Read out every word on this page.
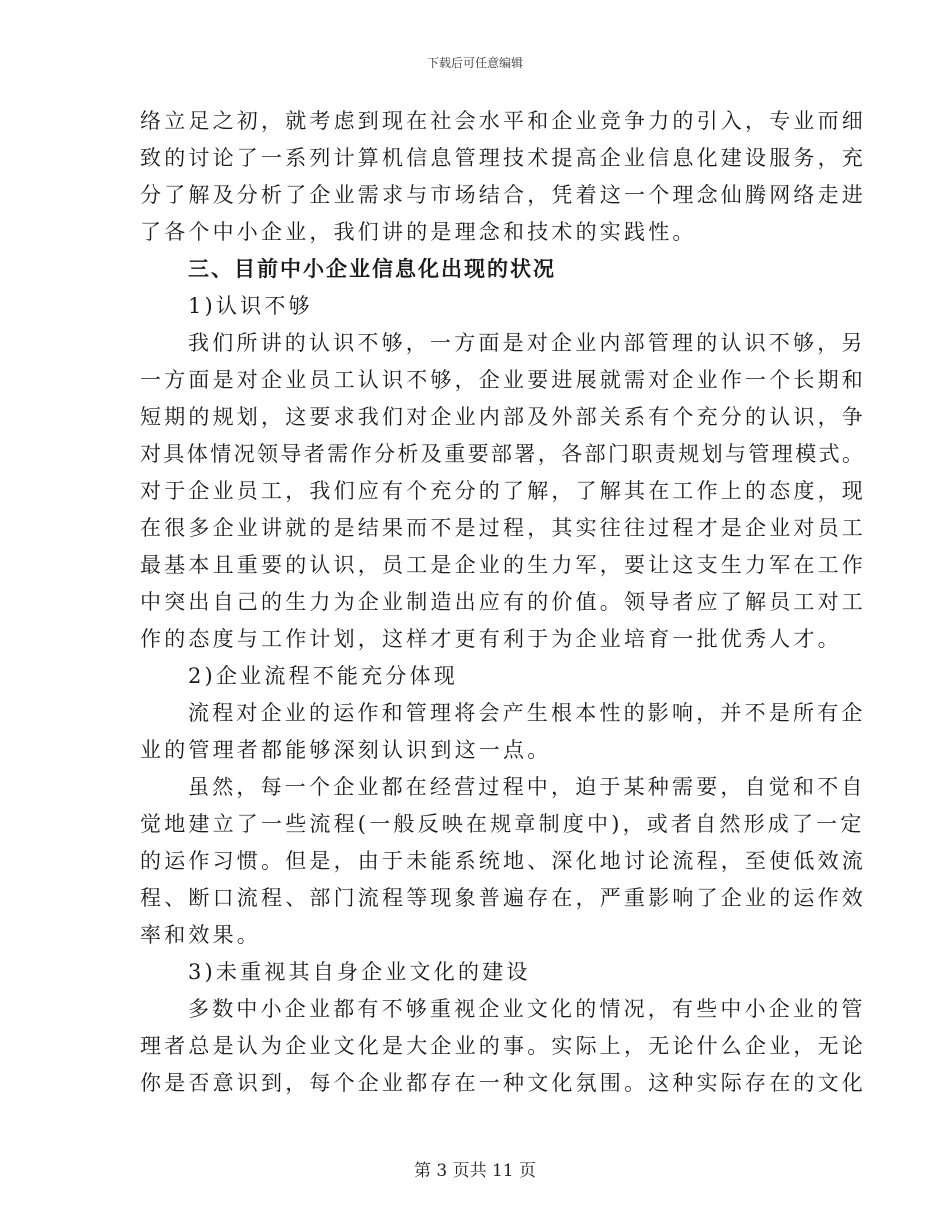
下载后可任意编辑
络立足之初，就考虑到现在社会水平和企业竞争力的引入，专业而细
致的讨论了一系列计算机信息管理技术提高企业信息化建设服务，充
分了解及分析了企业需求与市场结合，凭着这一个理念仙腾网络走进
了各个中小企业，我们讲的是理念和技术的实践性。
三、目前中小企业信息化出现的状况
1)认识不够
我们所讲的认识不够，一方面是对企业内部管理的认识不够，另
一方面是对企业员工认识不够，企业要进展就需对企业作一个长期和
短期的规划，这要求我们对企业内部及外部关系有个充分的认识，争
对具体情况领导者需作分析及重要部署，各部门职责规划与管理模式。
对于企业员工，我们应有个充分的了解，了解其在工作上的态度，现
在很多企业讲就的是结果而不是过程，其实往往过程才是企业对员工
最基本且重要的认识，员工是企业的生力军，要让这支生力军在工作
中突出自己的生力为企业制造出应有的价值。领导者应了解员工对工
作的态度与工作计划，这样才更有利于为企业培育一批优秀人才。
2)企业流程不能充分体现
流程对企业的运作和管理将会产生根本性的影响，并不是所有企
业的管理者都能够深刻认识到这一点。
虽然，每一个企业都在经营过程中，迫于某种需要，自觉和不自
觉地建立了一些流程(一般反映在规章制度中)，或者自然形成了一定
的运作习惯。但是，由于未能系统地、深化地讨论流程，至使低效流
程、断口流程、部门流程等现象普遍存在，严重影响了企业的运作效
率和效果。
3)未重视其自身企业文化的建设
多数中小企业都有不够重视企业文化的情况，有些中小企业的管
理者总是认为企业文化是大企业的事。实际上，无论什么企业，无论
你是否意识到，每个企业都存在一种文化氛围。这种实际存在的文化
第 3 页共 11 页
